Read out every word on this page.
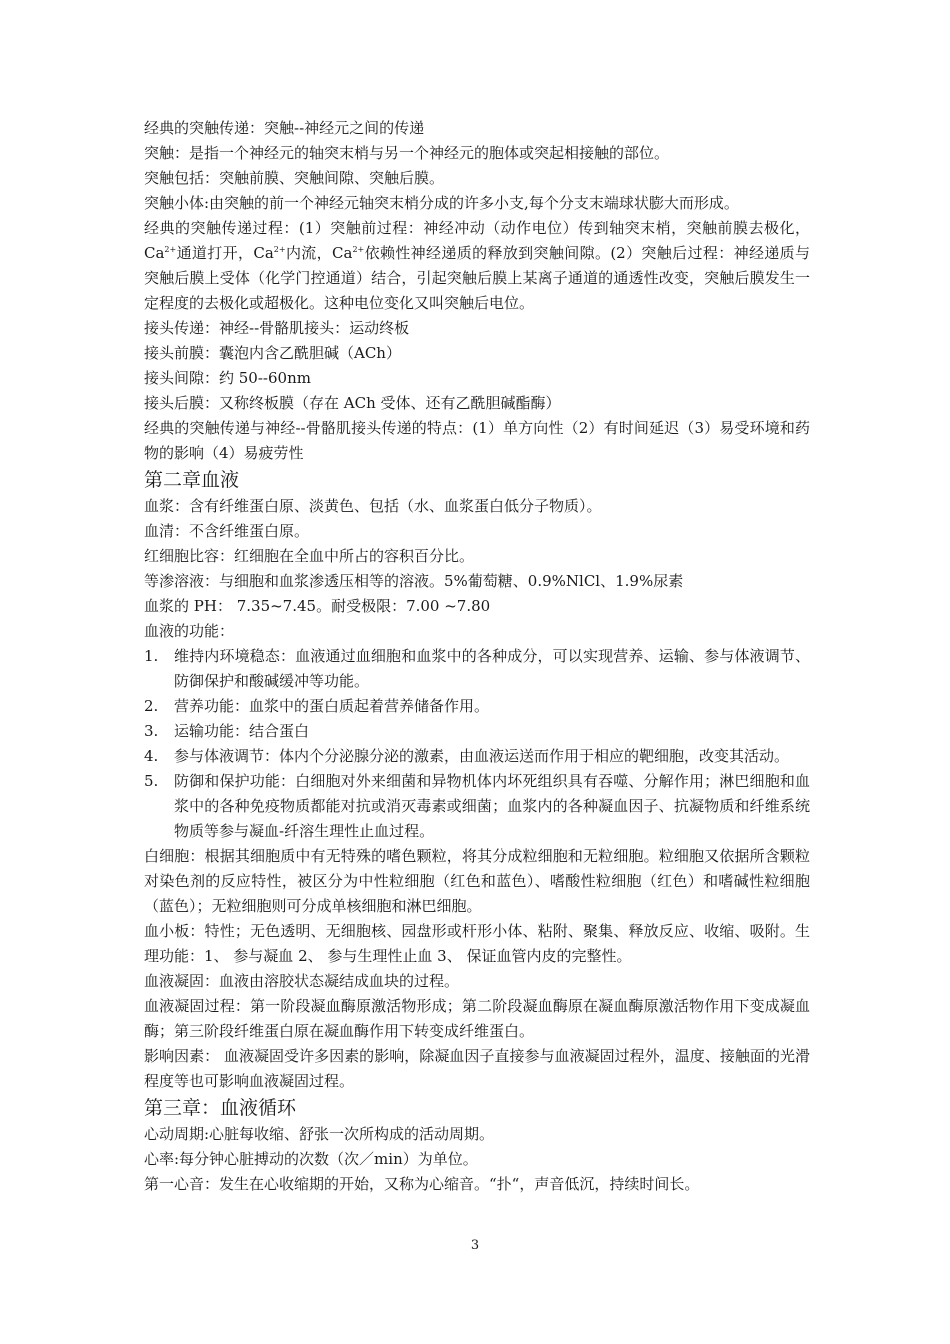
经典的突触传递：突触--神经元之间的传递

突触：是指一个神经元的轴突末梢与另一个神经元的胞体或突起相接触的部位。

突触包括：突触前膜、突触间隙、突触后膜。

突触小体:由突触的前一个神经元轴突末梢分成的许多小支,每个分支末端球状膨大而形成。

经典的突触传递过程：(1）突触前过程：神经冲动（动作电位）传到轴突末梢，突触前膜去极化，$Ca^{2+}$通道打开，$Ca^{2+}$内流，$Ca^{2+}$依赖性神经递质的释放到突触间隙。(2）突触后过程：神经递质与突触后膜上受体（化学门控通道）结合，引起突触后膜上某离子通道的通透性改变，突触后膜发生一定程度的去极化或超极化。这种电位变化又叫突触后电位。

接头传递：神经--骨骼肌接头：运动终板

接头前膜：囊泡内含乙酰胆碱（ACh）

接头间隙：约 50--60nm

接头后膜：又称终板膜（存在 ACh 受体、还有乙酰胆碱酯酶）

经典的突触传递与神经--骨骼肌接头传递的特点：(1）单方向性（2）有时间延迟（3）易受环境和药物的影响（4）易疲劳性

第二章血液

血浆：含有纤维蛋白原、淡黄色、包括（水、血浆蛋白低分子物质）。

血清：不含纤维蛋白原。

红细胞比容：红细胞在全血中所占的容积百分比。

等渗溶液：与细胞和血浆渗透压相等的溶液。5%葡萄糖、0.9%NlCl、1.9%尿素

血浆的 PH： 7.35~7.45。耐受极限：7.00 ~7.80

血液的功能：

1. 维持内环境稳态：血液通过血细胞和血浆中的各种成分，可以实现营养、运输、参与体液调节、防御保护和酸碱缓冲等功能。
2. 营养功能：血浆中的蛋白质起着营养储备作用。
3. 运输功能：结合蛋白
4. 参与体液调节：体内个分泌腺分泌的激素，由血液运送而作用于相应的靶细胞，改变其活动。
5. 防御和保护功能：白细胞对外来细菌和异物机体内坏死组织具有吞噬、分解作用；淋巴细胞和血浆中的各种免疫物质都能对抗或消灭毒素或细菌；血浆内的各种凝血因子、抗凝物质和纤维系统物质等参与凝血-纤溶生理性止血过程。

白细胞：根据其细胞质中有无特殊的嗜色颗粒，将其分成粒细胞和无粒细胞。粒细胞又依据所含颗粒对染色剂的反应特性，被区分为中性粒细胞（红色和蓝色）、嗜酸性粒细胞（红色）和嗜碱性粒细胞（蓝色）；无粒细胞则可分成单核细胞和淋巴细胞。

血小板：特性；无色透明、无细胞核、园盘形或杆形小体、粘附、聚集、释放反应、收缩、吸附。生理功能：1、 参与凝血 2、 参与生理性止血 3、 保证血管内皮的完整性。

血液凝固：血液由溶胶状态凝结成血块的过程。

血液凝固过程：第一阶段凝血酶原激活物形成；第二阶段凝血酶原在凝血酶原激活物作用下变成凝血酶；第三阶段纤维蛋白原在凝血酶作用下转变成纤维蛋白。

影响因素： 血液凝固受许多因素的影响，除凝血因子直接参与血液凝固过程外，温度、接触面的光滑程度等也可影响血液凝固过程。

第三章：血液循环

心动周期:心脏每收缩、舒张一次所构成的活动周期。

心率:每分钟心脏搏动的次数（次／min）为单位。

第一心音：发生在心收缩期的开始，又称为心缩音。“扑“，声音低沉，持续时间长。

3
